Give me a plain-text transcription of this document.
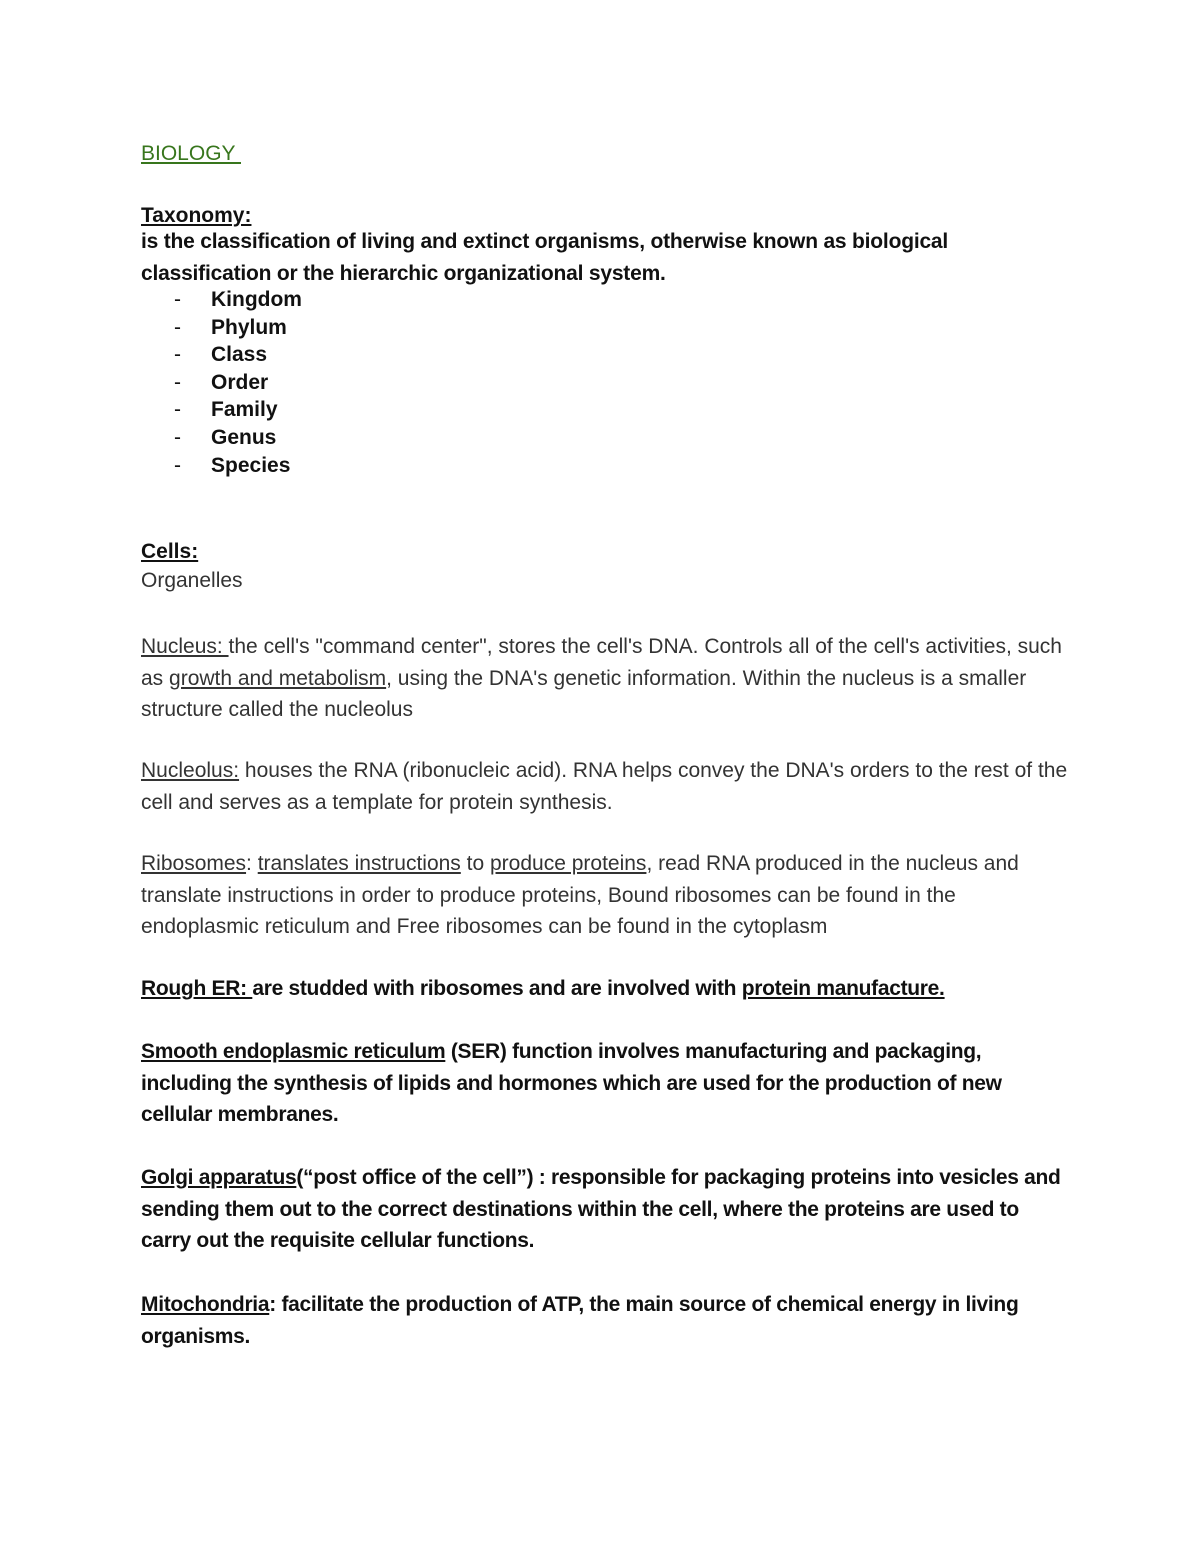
BIOLOGY
Taxonomy:
is the classification of living and extinct organisms, otherwise known as biological
classification or the hierarchic organizational system.
- Kingdom
- Phylum
- Class
- Order
- Family
- Genus
- Species
Cells:
Organelles
Nucleus: the cell's "command center", stores the cell's DNA. Controls all of the cell's activities, such as growth and metabolism, using the DNA's genetic information. Within the nucleus is a smaller structure called the nucleolus
Nucleolus: houses the RNA (ribonucleic acid). RNA helps convey the DNA's orders to the rest of the cell and serves as a template for protein synthesis.
Ribosomes: translates instructions to produce proteins, read RNA produced in the nucleus and translate instructions in order to produce proteins, Bound ribosomes can be found in the endoplasmic reticulum and Free ribosomes can be found in the cytoplasm
Rough ER: are studded with ribosomes and are involved with protein manufacture.
Smooth endoplasmic reticulum (SER) function involves manufacturing and packaging, including the synthesis of lipids and hormones which are used for the production of new cellular membranes.
Golgi apparatus(“post office of the cell”) : responsible for packaging proteins into vesicles and sending them out to the correct destinations within the cell, where the proteins are used to carry out the requisite cellular functions.
Mitochondria: facilitate the production of ATP, the main source of chemical energy in living organisms.
